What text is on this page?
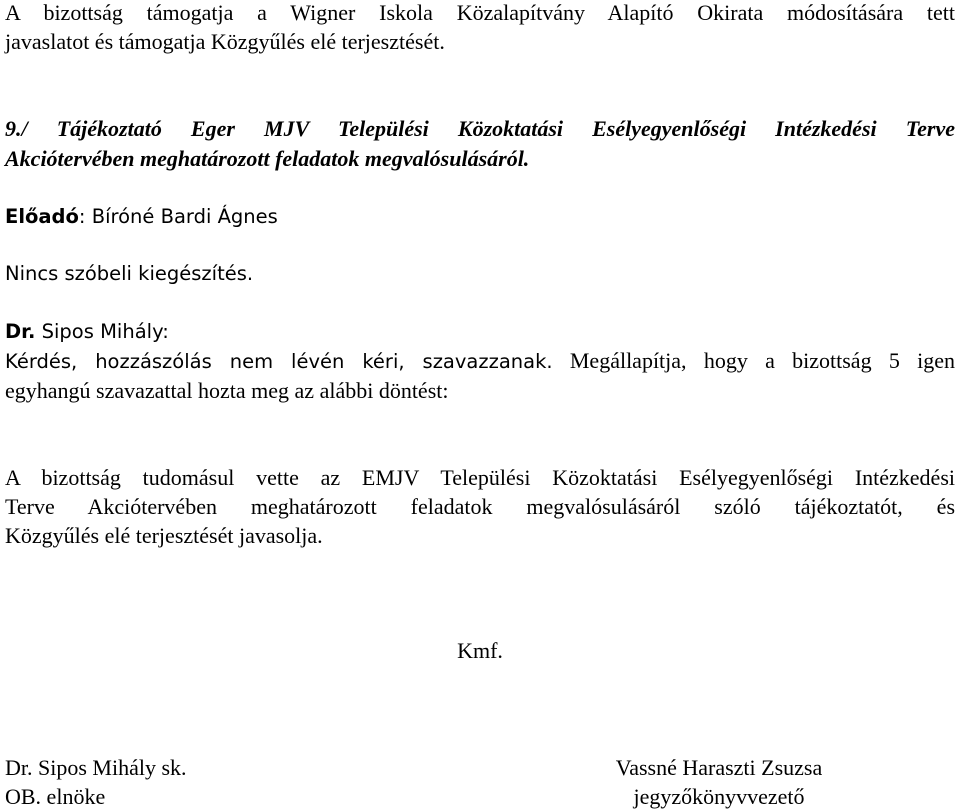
A bizottság támogatja a Wigner Iskola Közalapítvány Alapító Okirata módosítására tett
javaslatot és támogatja Közgyűlés elé terjesztését.
9./ Tájékoztató Eger MJV Települési Közoktatási Esélyegyenlőségi Intézkedési Terve
Akciótervében meghatározott feladatok megvalósulásáról.
Előadó: Bíróné Bardi Ágnes
Nincs szóbeli kiegészítés.
Dr. Sipos Mihály:
Kérdés, hozzászólás nem lévén kéri, szavazzanak. Megállapítja, hogy a bizottság 5 igen
egyhangú szavazattal hozta meg az alábbi döntést:
A bizottság tudomásul vette az EMJV Települési Közoktatási Esélyegyenlőségi Intézkedési
Terve Akciótervében meghatározott feladatok megvalósulásáról szóló tájékoztatót, és
Közgyűlés elé terjesztését javasolja.
Kmf.
Dr. Sipos Mihály sk.
OB. elnöke
Vassné Haraszti Zsuzsa
jegyzőkönyvvezető
